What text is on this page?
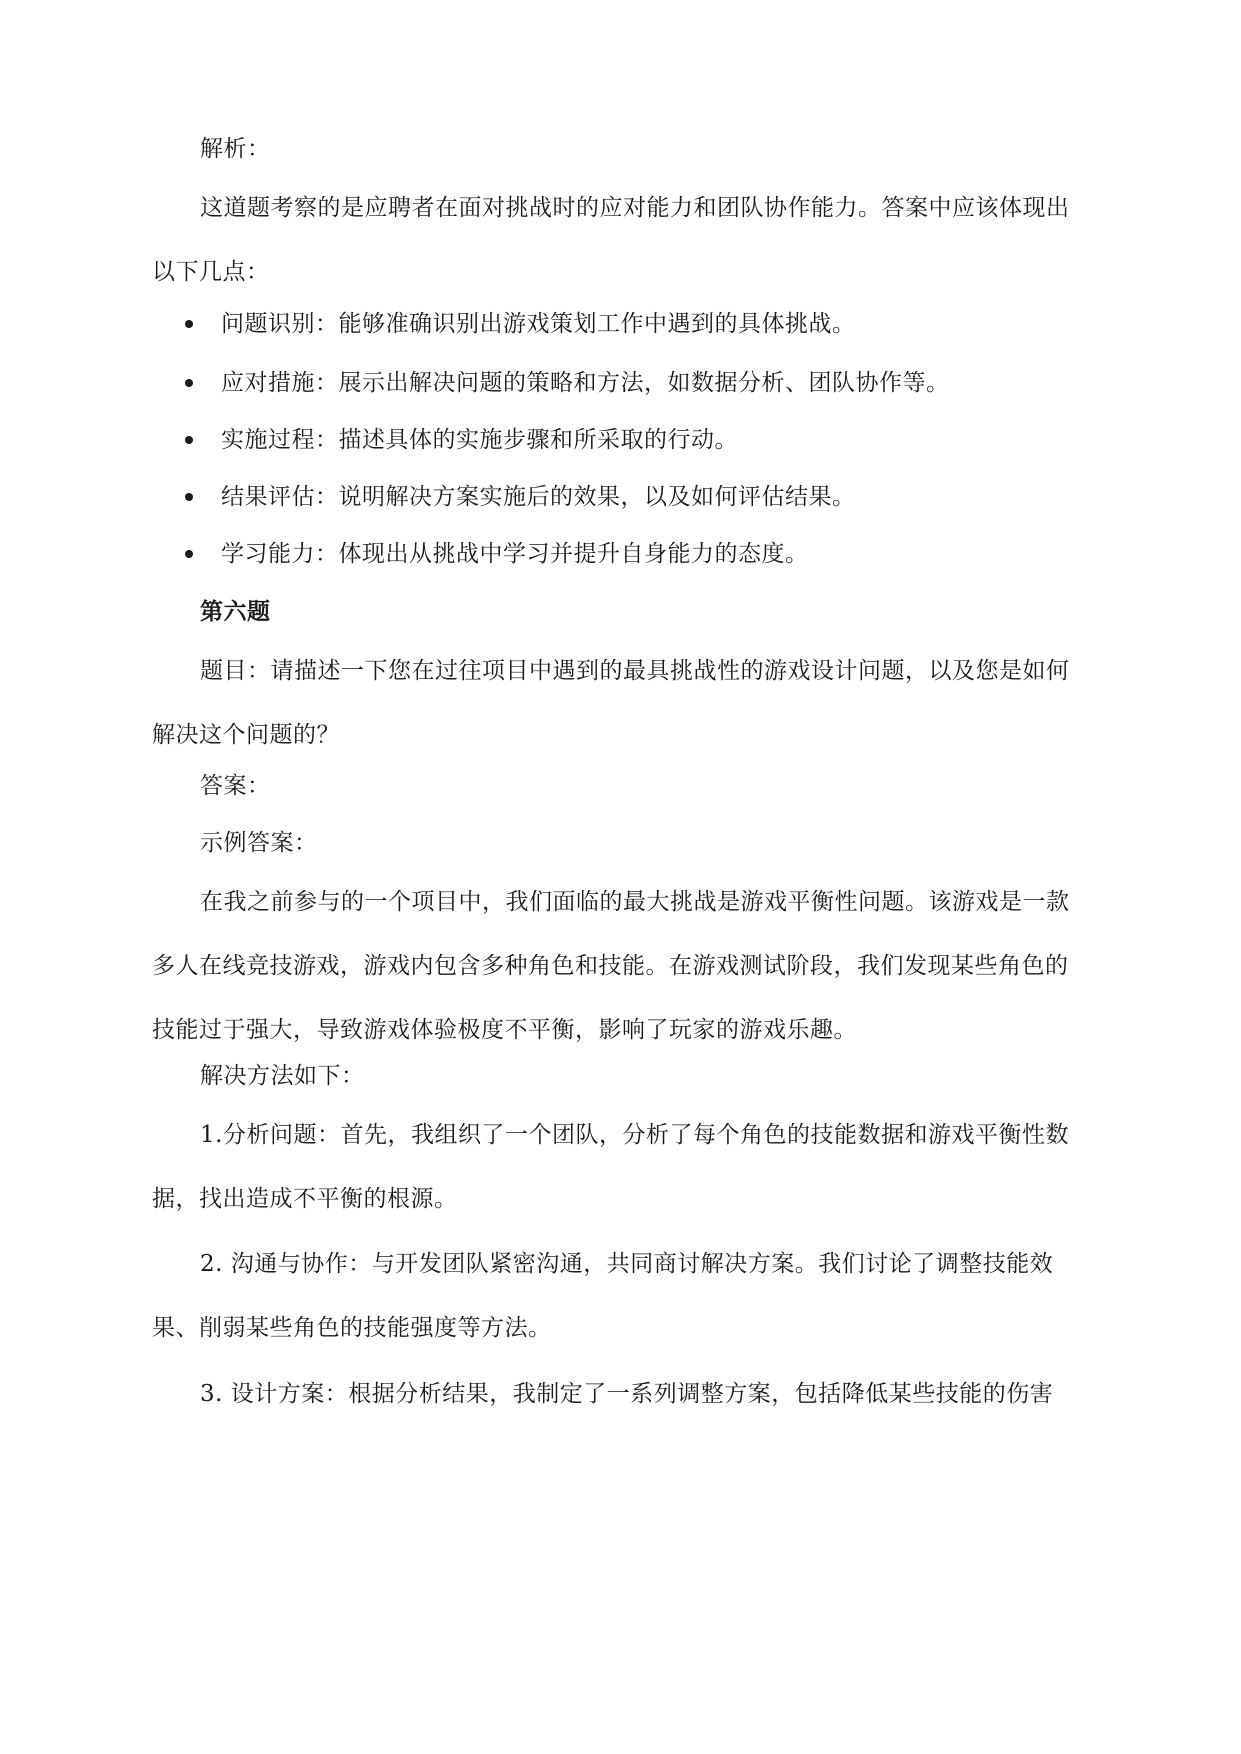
解析：

这道题考察的是应聘者在面对挑战时的应对能力和团队协作能力。答案中应该体现出以下几点：

问题识别：能够准确识别出游戏策划工作中遇到的具体挑战。
应对措施：展示出解决问题的策略和方法，如数据分析、团队协作等。
实施过程：描述具体的实施步骤和所采取的行动。
结果评估：说明解决方案实施后的效果，以及如何评估结果。
学习能力：体现出从挑战中学习并提升自身能力的态度。

第六题

题目：请描述一下您在过往项目中遇到的最具挑战性的游戏设计问题，以及您是如何解决这个问题的？

答案：

示例答案：

在我之前参与的一个项目中，我们面临的最大挑战是游戏平衡性问题。该游戏是一款多人在线竞技游戏，游戏内包含多种角色和技能。在游戏测试阶段，我们发现某些角色的技能过于强大，导致游戏体验极度不平衡，影响了玩家的游戏乐趣。

解决方法如下：

1.分析问题：首先，我组织了一个团队，分析了每个角色的技能数据和游戏平衡性数据，找出造成不平衡的根源。

2. 沟通与协作：与开发团队紧密沟通，共同商讨解决方案。我们讨论了调整技能效果、削弱某些角色的技能强度等方法。

3. 设计方案：根据分析结果，我制定了一系列调整方案，包括降低某些技能的伤害
